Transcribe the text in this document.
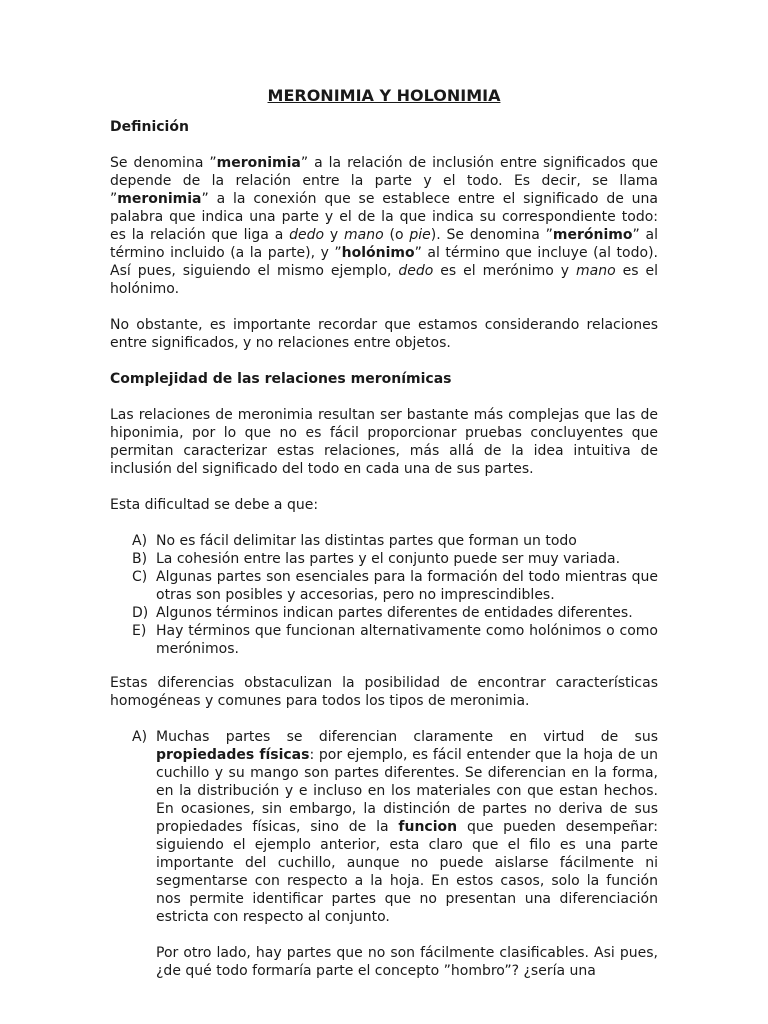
MERONIMIA Y HOLONIMIA
Definición

Se denomina ”meronimia” a la relación de inclusión entre significados que depende de la relación entre la parte y el todo. Es decir, se llama ”meronimia” a la conexión que se establece entre el significado de una palabra que indica una parte y el de la que indica su correspondiente todo: es la relación que liga a dedo y mano (o pie). Se denomina ”merónimo” al término incluido (a la parte), y ”holónimo” al término que incluye (al todo). Así pues, siguiendo el mismo ejemplo, dedo es el merónimo y mano es el holónimo.

No obstante, es importante recordar que estamos considerando relaciones entre significados, y no relaciones entre objetos.

Complejidad de las relaciones meronímicas

Las relaciones de meronimia resultan ser bastante más complejas que las de hiponimia, por lo que no es fácil proporcionar pruebas concluyentes que permitan caracterizar estas relaciones, más allá de la idea intuitiva de inclusión del significado del todo en cada una de sus partes.

Esta dificultad se debe a que:

A) No es fácil delimitar las distintas partes que forman un todo
B) La cohesión entre las partes y el conjunto puede ser muy variada.
C) Algunas partes son esenciales para la formación del todo mientras que otras son posibles y accesorias, pero no imprescindibles.
D) Algunos términos indican partes diferentes de entidades diferentes.
E) Hay términos que funcionan alternativamente como holónimos o como merónimos.

Estas diferencias obstaculizan la posibilidad de encontrar características homogéneas y comunes para todos los tipos de meronimia.

A) Muchas partes se diferencian claramente en virtud de sus propiedades físicas: por ejemplo, es fácil entender que la hoja de un cuchillo y su mango son partes diferentes. Se diferencian en la forma, en la distribución y e incluso en los materiales con que estan hechos. En ocasiones, sin embargo, la distinción de partes no deriva de sus propiedades físicas, sino de la funcion que pueden desempeñar: siguiendo el ejemplo anterior, esta claro que el filo es una parte importante del cuchillo, aunque no puede aislarse fácilmente ni segmentarse con respecto a la hoja. En estos casos, solo la función nos permite identificar partes que no presentan una diferenciación estricta con respecto al conjunto.

Por otro lado, hay partes que no son fácilmente clasificables. Asi pues, ¿de qué todo formaría parte el concepto ”hombro”? ¿sería una
